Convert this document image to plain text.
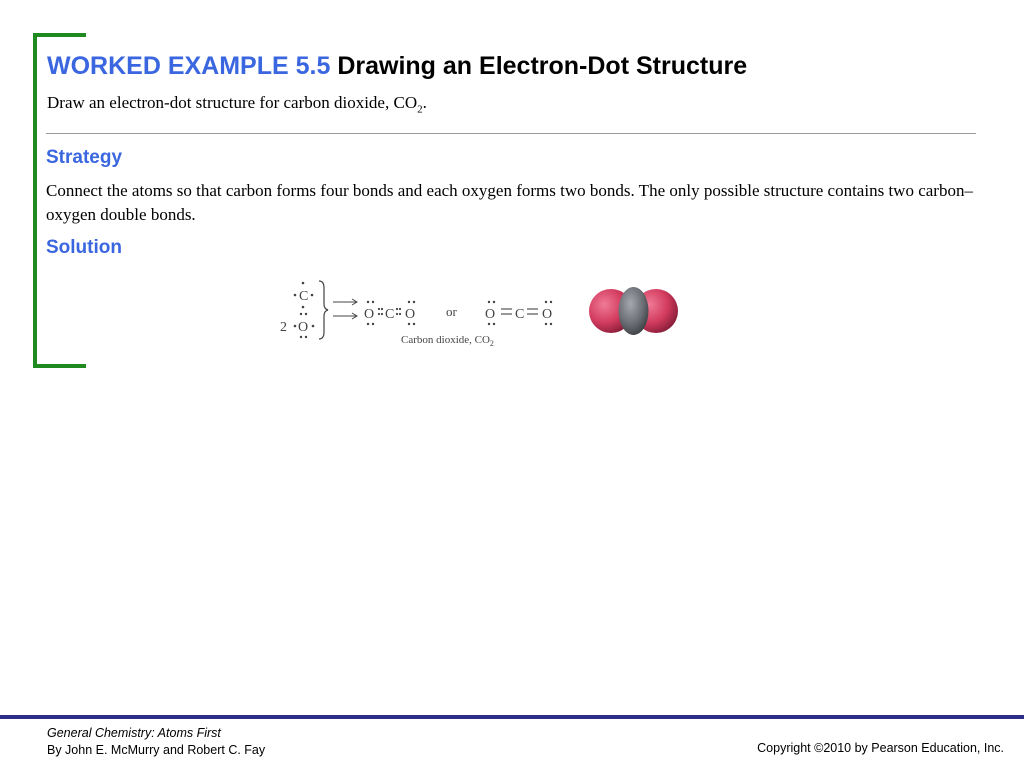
WORKED EXAMPLE 5.5 Drawing an Electron-Dot Structure
Draw an electron-dot structure for carbon dioxide, $CO_2$.
Strategy
Connect the atoms so that carbon forms four bonds and each oxygen forms two bonds. The only possible structure contains two carbon–oxygen double bonds.
Solution
C
2 O
O C O or O C O
Carbon dioxide, $CO_2$
General Chemistry: Atoms First
By John E. McMurry and Robert C. Fay	Copyright ©2010 by Pearson Education, Inc.
